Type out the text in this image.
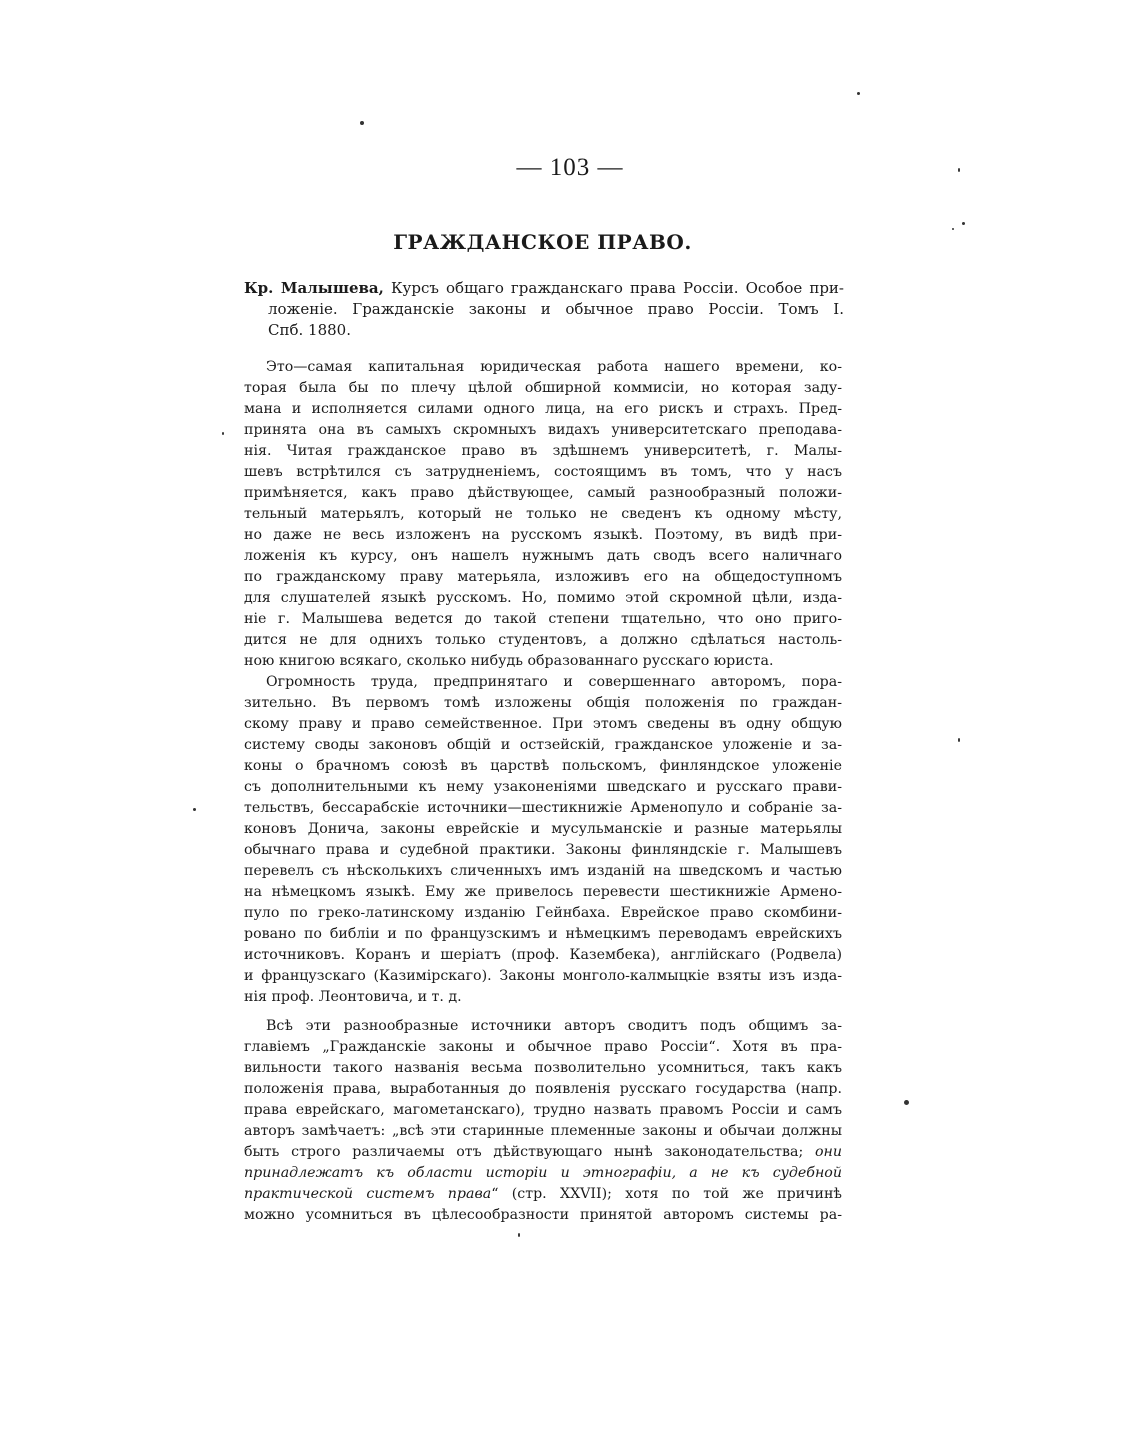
— 103 —
ГРАЖДАНСКОЕ ПРАВО.
Кр. Малышева, Курсъ общаго гражданскаго права Россіи. Особое при-
ложеніе. Гражданскіе законы и обычное право Россіи. Томъ I.
Спб. 1880.
Это—самая капитальная юридическая работа нашего времени, ко-
торая была бы по плечу цѣлой обширной коммисіи, но которая заду-
мана и исполняется силами одного лица, на его рискъ и страхъ. Пред-
принята она въ самыхъ скромныхъ видахъ университетскаго преподава-
нія. Читая гражданское право въ здѣшнемъ университетѣ, г. Малы-
шевъ встрѣтился съ затрудненіемъ, состоящимъ въ томъ, что у насъ
примѣняется, какъ право дѣйствующее, самый разнообразный положи-
тельный матерьялъ, который не только не сведенъ къ одному мѣсту,
но даже не весь изложенъ на русскомъ языкѣ. Поэтому, въ видѣ при-
ложенія къ курсу, онъ нашелъ нужнымъ дать сводъ всего наличнаго
по гражданскому праву матерьяла, изложивъ его на общедоступномъ
для слушателей языкѣ русскомъ. Но, помимо этой скромной цѣли, изда-
ніе г. Малышева ведется до такой степени тщательно, что оно приго-
дится не для однихъ только студентовъ, а должно сдѣлаться настоль-
ною книгою всякаго, сколько нибудь образованнаго русскаго юриста.
Огромность труда, предпринятаго и совершеннаго авторомъ, пора-
зительно. Въ первомъ томѣ изложены общія положенія по граждан-
скому праву и право семейственное. При этомъ сведены въ одну общую
систему своды законовъ общій и остзейскій, гражданское уложеніе и за-
коны о брачномъ союзѣ въ царствѣ польскомъ, финляндское уложеніе
съ дополнительными къ нему узаконеніями шведскаго и русскаго прави-
тельствъ, бессарабскіе источники—шестикнижіе Арменопуло и собраніе за-
коновъ Донича, законы еврейскіе и мусульманскіе и разные матерьялы
обычнаго права и судебной практики. Законы финляндскіе г. Малышевъ
перевелъ съ нѣсколькихъ сличенныхъ имъ изданій на шведскомъ и частью
на нѣмецкомъ языкѣ. Ему же привелось перевести шестикнижіе Армено-
пуло по греко-латинскому изданію Гейнбаха. Еврейское право скомбини-
ровано по библіи и по французскимъ и нѣмецкимъ переводамъ еврейскихъ
источниковъ. Коранъ и шеріатъ (проф. Казембека), англійскаго (Родвела)
и французскаго (Казимірскаго). Законы монголо-калмыцкіе взяты изъ изда-
нія проф. Леонтовича, и т. д.
Всѣ эти разнообразные источники авторъ сводитъ подъ общимъ за-
главіемъ „Гражданскіе законы и обычное право Россіи“. Хотя въ пра-
вильности такого названія весьма позволительно усомниться, такъ какъ
положенія права, выработанныя до появленія русскаго государства (напр.
права еврейскаго, магометанскаго), трудно назвать правомъ Россіи и самъ
авторъ замѣчаетъ: „всѣ эти старинные племенные законы и обычаи должны
быть строго различаемы отъ дѣйствующаго нынѣ законодательства; они
принадлежатъ къ области исторіи и этнографіи, а не къ судебной
практической системъ права“ (стр. XXVII); хотя по той же причинѣ
можно усомниться въ цѣлесообразности принятой авторомъ системы ра-
